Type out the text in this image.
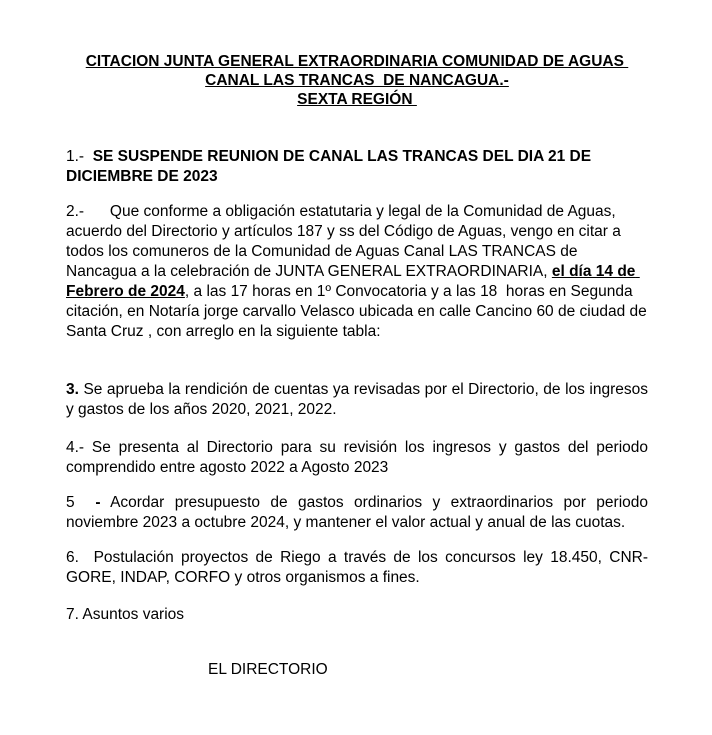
CITACION JUNTA GENERAL EXTRAORDINARIA COMUNIDAD DE AGUAS
CANAL LAS TRANCAS  DE NANCAGUA.-
SEXTA REGIÓN

1.-  SE SUSPENDE REUNION DE CANAL LAS TRANCAS DEL DIA 21 DE DICIEMBRE DE 2023

2.-      Que conforme a obligación estatutaria y legal de la Comunidad de Aguas, acuerdo del Directorio y artículos 187 y ss del Código de Aguas, vengo en citar a todos los comuneros de la Comunidad de Aguas Canal LAS TRANCAS de Nancagua a la celebración de JUNTA GENERAL EXTRAORDINARIA, el día 14 de Febrero de 2024, a las 17 horas en 1º Convocatoria y a las 18  horas en Segunda citación, en Notaría jorge carvallo Velasco ubicada en calle Cancino 60 de ciudad de Santa Cruz , con arreglo en la siguiente tabla:

3. Se aprueba la rendición de cuentas ya revisadas por el Directorio, de los ingresos y gastos de los años 2020, 2021, 2022.

4.- Se presenta al Directorio para su revisión los ingresos y gastos del periodo comprendido entre agosto 2022 a Agosto 2023

5  - Acordar presupuesto de gastos ordinarios y extraordinarios por periodo noviembre 2023 a octubre 2024, y mantener el valor actual y anual de las cuotas.

6.  Postulación proyectos de Riego a través de los concursos ley 18.450, CNR-GORE, INDAP, CORFO y otros organismos a fines.

7. Asuntos varios

EL DIRECTORIO
